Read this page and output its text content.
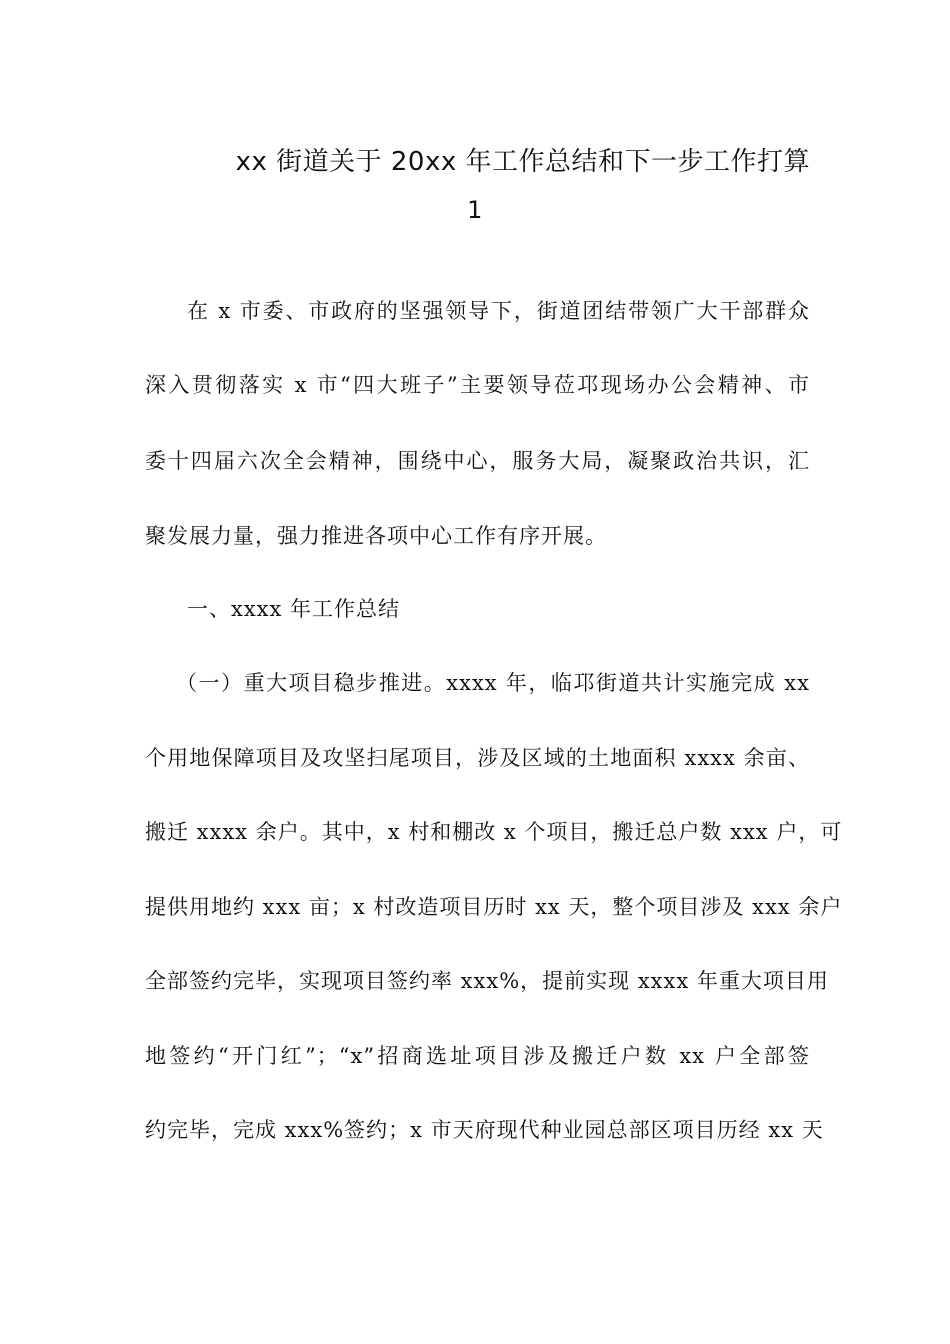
xx 街道关于 20xx 年工作总结和下一步工作打算
1
在 x 市委、市政府的坚强领导下，街道团结带领广大干部群众
深入贯彻落实 x 市“四大班子”主要领导莅邛现场办公会精神、市
委十四届六次全会精神，围绕中心，服务大局，凝聚政治共识，汇
聚发展力量，强力推进各项中心工作有序开展。
一、xxxx 年工作总结
（一）重大项目稳步推进。xxxx 年，临邛街道共计实施完成 xx
个用地保障项目及攻坚扫尾项目，涉及区域的土地面积 xxxx 余亩、
搬迁 xxxx 余户。其中，x 村和棚改 x 个项目，搬迁总户数 xxx 户，可
提供用地约 xxx 亩；x 村改造项目历时 xx 天，整个项目涉及 xxx 余户
全部签约完毕，实现项目签约率 xxx%，提前实现 xxxx 年重大项目用
地签约“开门红”；“x”招商选址项目涉及搬迁户数 xx 户全部签
约完毕，完成 xxx%签约；x 市天府现代种业园总部区项目历经 xx 天
